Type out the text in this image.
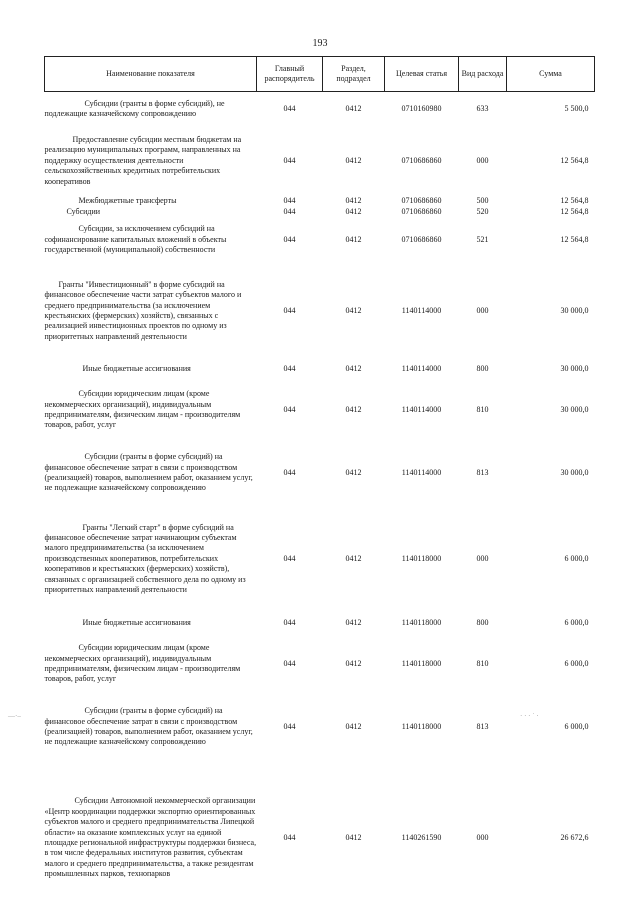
193
Наименование показателя	Главный распорядитель	Раздел, подраздел	Целевая статья	Вид расхода	Сумма

Субсидии (гранты в форме субсидий), не подлежащие казначейскому сопровождению	044	0412	0710160980	633	5 500,0

Предоставление субсидии местным бюджетам на реализацию муниципальных программ, направленных на поддержку осуществления деятельности сельскохозяйственных кредитных потребительских кооперативов	044	0412	0710686860	000	12 564,8
Межбюджетные трансферты	044	0412	0710686860	500	12 564,8
Субсидии	044	0412	0710686860	520	12 564,8
Субсидии, за исключением субсидий на софинансирование капитальных вложений в объекты государственной (муниципальной) собственности	044	0412	0710686860	521	12 564,8

Гранты "Инвестиционный" в форме субсидий на финансовое обеспечение части затрат субъектов малого и среднего предпринимательства (за исключением крестьянских (фермерских) хозяйств), связанных с реализацией инвестиционных проектов по одному из приоритетных направлений деятельности	044	0412	1140114000	000	30 000,0

Иные бюджетные ассигнования	044	0412	1140114000	800	30 000,0

Субсидии юридическим лицам (кроме некоммерческих организаций), индивидуальным предпринимателям, физическим лицам - производителям товаров, работ, услуг	044	0412	1140114000	810	30 000,0

Субсидии (гранты в форме субсидий) на финансовое обеспечение затрат в связи с производством (реализацией) товаров, выполнением работ, оказанием услуг, не подлежащие казначейскому сопровождению	044	0412	1140114000	813	30 000,0

Гранты "Легкий старт" в форме субсидий на финансовое обеспечение затрат начинающим субъектам малого предпринимательства (за исключением производственных кооперативов, потребительских кооперативов и крестьянских (фермерских) хозяйств), связанных с организацией собственного дела по одному из приоритетных направлений деятельности	044	0412	1140118000	000	6 000,0

Иные бюджетные ассигнования	044	0412	1140118000	800	6 000,0

Субсидии юридическим лицам (кроме некоммерческих организаций), индивидуальным предпринимателям, физическим лицам - производителям товаров, работ, услуг	044	0412	1140118000	810	6 000,0

Субсидии (гранты в форме субсидий) на финансовое обеспечение затрат в связи с производством (реализацией) товаров, выполнением работ, оказанием услуг, не подлежащие казначейскому сопровождению	044	0412	1140118000	813	6 000,0

Субсидии Автономной некоммерческой организации «Центр координации поддержки экспортно ориентированных субъектов малого и среднего предпринимательства Липецкой области» на оказание комплексных услуг на единой площадке региональной инфраструктуры поддержки бизнеса, в том числе федеральных институтов развития, субъектам малого и среднего предпринимательства, а также резидентам промышленных парков, технопарков	044	0412	1140261590	000	26 672,6
—·–	· · · ˙ ·
